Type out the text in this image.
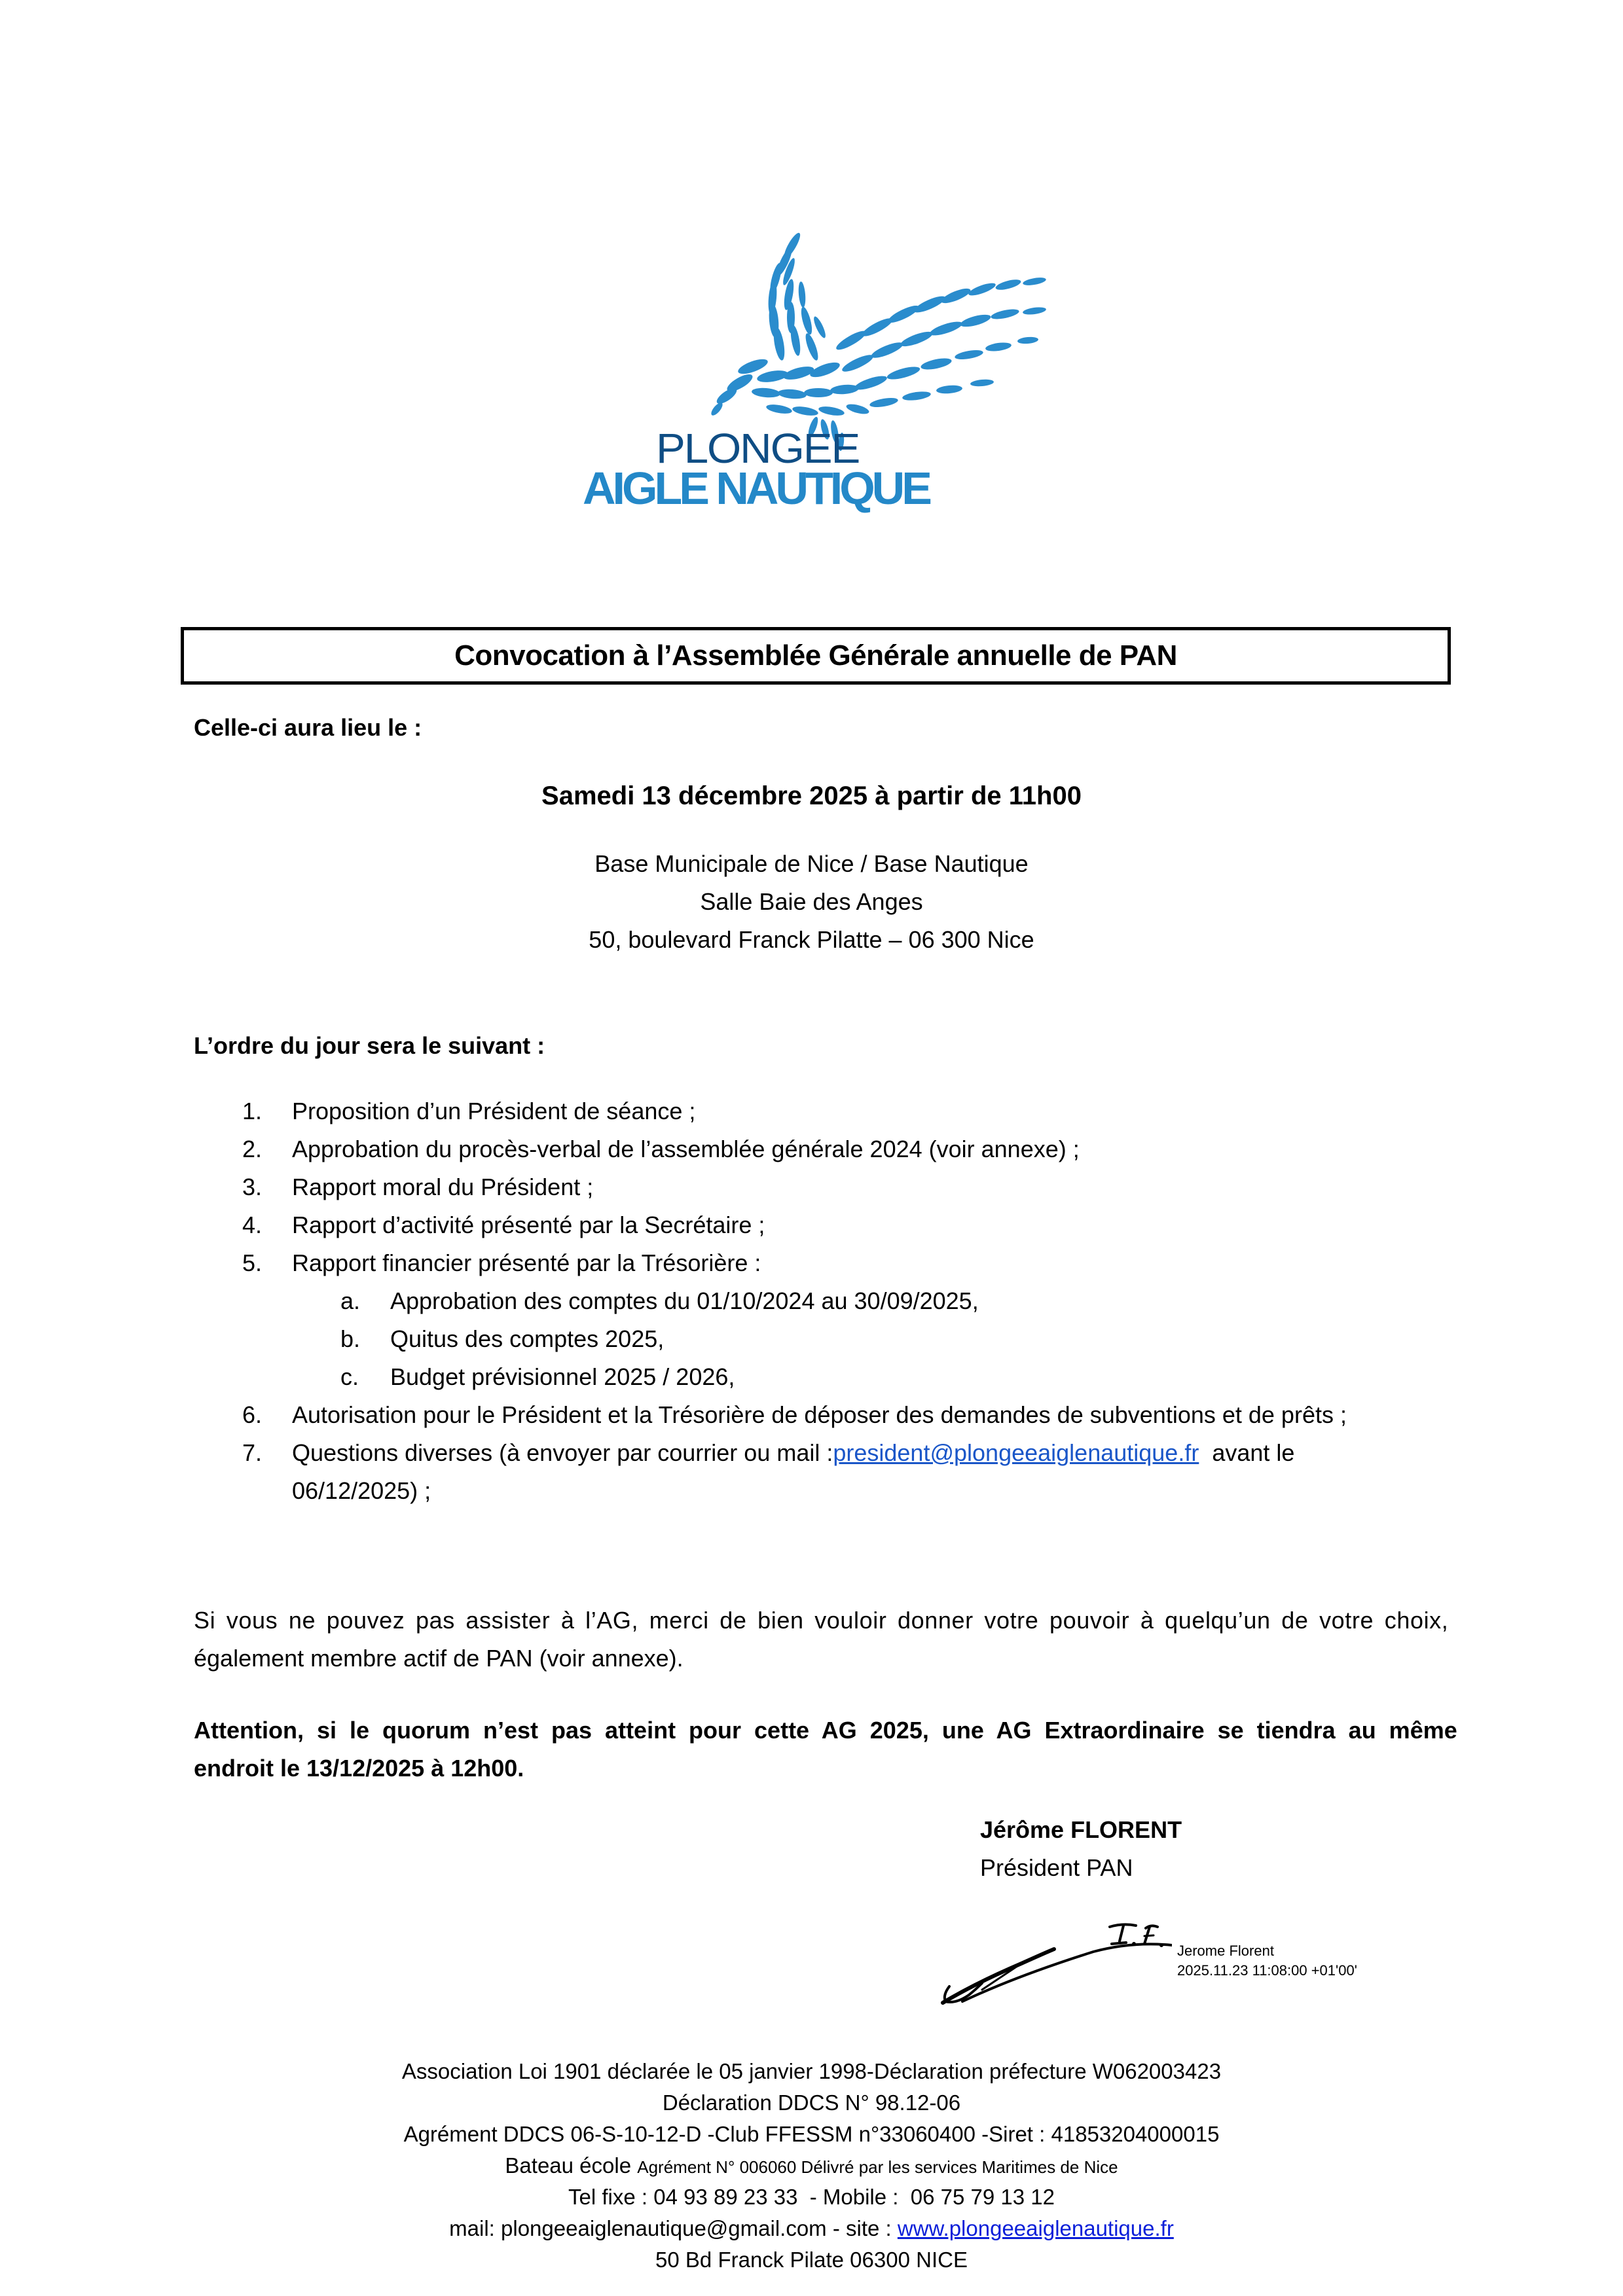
PLONGEE
AIGLE NAUTIQUE
Convocation à l’Assemblée Générale annuelle de PAN
Celle-ci aura lieu le :
Samedi 13 décembre 2025 à partir de 11h00
Base Municipale de Nice / Base Nautique
Salle Baie des Anges
50, boulevard Franck Pilatte – 06 300 Nice
L’ordre du jour sera le suivant :
1. Proposition d’un Président de séance ;
2. Approbation du procès-verbal de l’assemblée générale 2024 (voir annexe) ;
3. Rapport moral du Président ;
4. Rapport d’activité présenté par la Secrétaire ;
5. Rapport financier présenté par la Trésorière :
a. Approbation des comptes du 01/10/2024 au 30/09/2025,
b. Quitus des comptes 2025,
c. Budget prévisionnel 2025 / 2026,
6. Autorisation pour le Président et la Trésorière de déposer des demandes de subventions et de prêts ;
7. Questions diverses (à envoyer par courrier ou mail :president@plongeeaiglenautique.fr  avant le
06/12/2025) ;
Si vous ne pouvez pas assister à l’AG, merci de bien vouloir donner votre pouvoir à quelqu’un de votre choix,
également membre actif de PAN (voir annexe).
Attention, si le quorum n’est pas atteint pour cette AG 2025, une AG Extraordinaire se tiendra au même
endroit le 13/12/2025 à 12h00.
Jérôme FLORENT
Président PAN
Jerome Florent
2025.11.23 11:08:00 +01'00'
Association Loi 1901 déclarée le 05 janvier 1998-Déclaration préfecture W062003423
Déclaration DDCS N° 98.12-06
Agrément DDCS 06-S-10-12-D -Club FFESSM n°33060400 -Siret : 41853204000015
Bateau école Agrément N° 006060 Délivré par les services Maritimes de Nice
Tel fixe : 04 93 89 23 33  - Mobile :  06 75 79 13 12
mail: plongeeaiglenautique@gmail.com - site : www.plongeeaiglenautique.fr
50 Bd Franck Pilate 06300 NICE
